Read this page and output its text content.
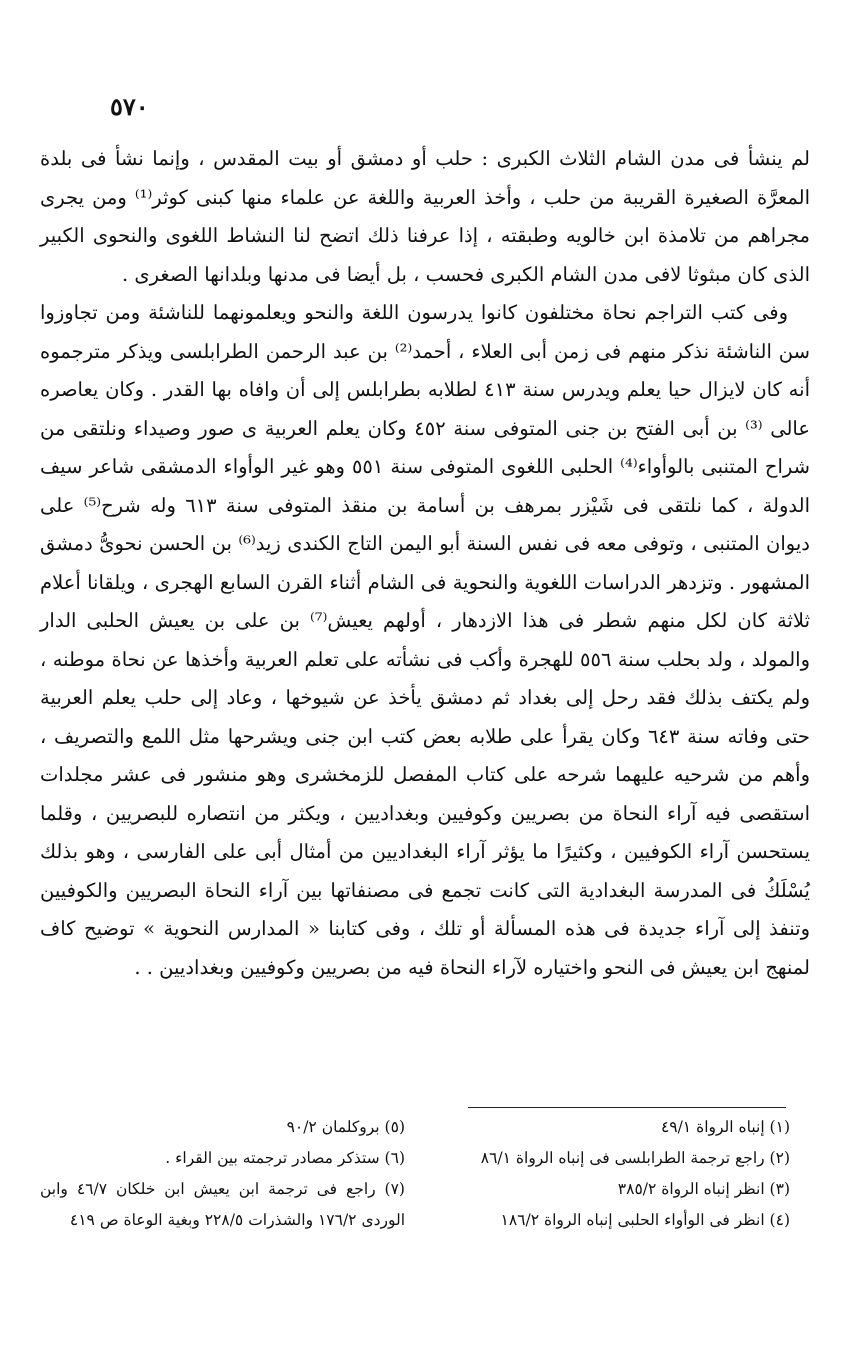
٥٧٠

لم ينشأ فى مدن الشام الثلاث الكبرى : حلب أو دمشق أو بيت المقدس ، وإنما نشأ فى بلدة المعرَّة الصغيرة القريبة من حلب ، وأخذ العربية واللغة عن علماء منها كبنى كوثر⁽¹⁾ ومن يجرى مجراهم من تلامذة ابن خالويه وطبقته ، إذا عرفنا ذلك اتضح لنا النشاط اللغوى والنحوى الكبير الذى كان مبثوثا لافى مدن الشام الكبرى فحسب ، بل أيضا فى مدنها وبلدانها الصغرى .

وفى كتب التراجم نحاة مختلفون كانوا يدرسون اللغة والنحو ويعلمونهما للناشئة ومن تجاوزوا سن الناشئة نذكر منهم فى زمن أبى العلاء ، أحمد⁽²⁾ بن عبد الرحمن الطرابلسى ويذكر مترجموه أنه كان لايزال حيا يعلم ويدرس سنة ٤١٣ لطلابه بطرابلس إلى أن وافاه بها القدر . وكان يعاصره عالى ⁽³⁾ بن أبى الفتح بن جنى المتوفى سنة ٤٥٢ وكان يعلم العربية ى صور وصيداء ونلتقى من شراح المتنبى بالوأواء⁽⁴⁾ الحلبى اللغوى المتوفى سنة ٥٥١ وهو غير الوأواء الدمشقى شاعر سيف الدولة ، كما نلتقى فى شَيْزر بمرهف بن أسامة بن منقذ المتوفى سنة ٦١٣ وله شرح⁽⁵⁾ على ديوان المتنبى ، وتوفى معه فى نفس السنة أبو اليمن التاج الكندى زيد⁽⁶⁾ بن الحسن نحوىُّ دمشق المشهور . وتزدهر الدراسات اللغوية والنحوية فى الشام أثناء القرن السابع الهجرى ، ويلقانا أعلام ثلاثة كان لكل منهم شطر فى هذا الازدهار ، أولهم يعيش⁽⁷⁾ بن على بن يعيش الحلبى الدار والمولد ، ولد بحلب سنة ٥٥٦ للهجرة وأكب فى نشأته على تعلم العربية وأخذها عن نحاة موطنه ، ولم يكتف بذلك فقد رحل إلى بغداد ثم دمشق يأخذ عن شيوخها ، وعاد إلى حلب يعلم العربية حتى وفاته سنة ٦٤٣ وكان يقرأ على طلابه بعض كتب ابن جنى ويشرحها مثل اللمع والتصريف ، وأهم من شرحيه عليهما شرحه على كتاب المفصل للزمخشرى وهو منشور فى عشر مجلدات استقصى فيه آراء النحاة من بصريين وكوفيين وبغداديين ، ويكثر من انتصاره للبصريين ، وقلما يستحسن آراء الكوفيين ، وكثيرًا ما يؤثر آراء البغداديين من أمثال أبى على الفارسى ، وهو بذلك يُسْلَكُ فى المدرسة البغدادية التى كانت تجمع فى مصنفاتها بين آراء النحاة البصريين والكوفيين وتنفذ إلى آراء جديدة فى هذه المسألة أو تلك ، وفى كتابنا « المدارس النحوية » توضيح كاف لمنهج ابن يعيش فى النحو واختياره لآراء النحاة فيه من بصريين وكوفيين وبغداديين . .

(١) إنباه الرواة ٤٩/١
(٢) راجع ترجمة الطرابلسى فى إنباه الرواة ٨٦/١
(٣) انظر إنباه الرواة ٣٨٥/٢
(٤) انظر فى الوأواء الحلبى إنباه الرواة ١٨٦/٢
(٥) بروكلمان ٩٠/٢
(٦) ستذكر مصادر ترجمته بين القراء .
(٧) راجع فى ترجمة ابن يعيش ابن خلكان ٤٦/٧ وابن الوردى ١٧٦/٢ والشذرات ٢٢٨/٥ وبغية الوعاة ص ٤١٩
